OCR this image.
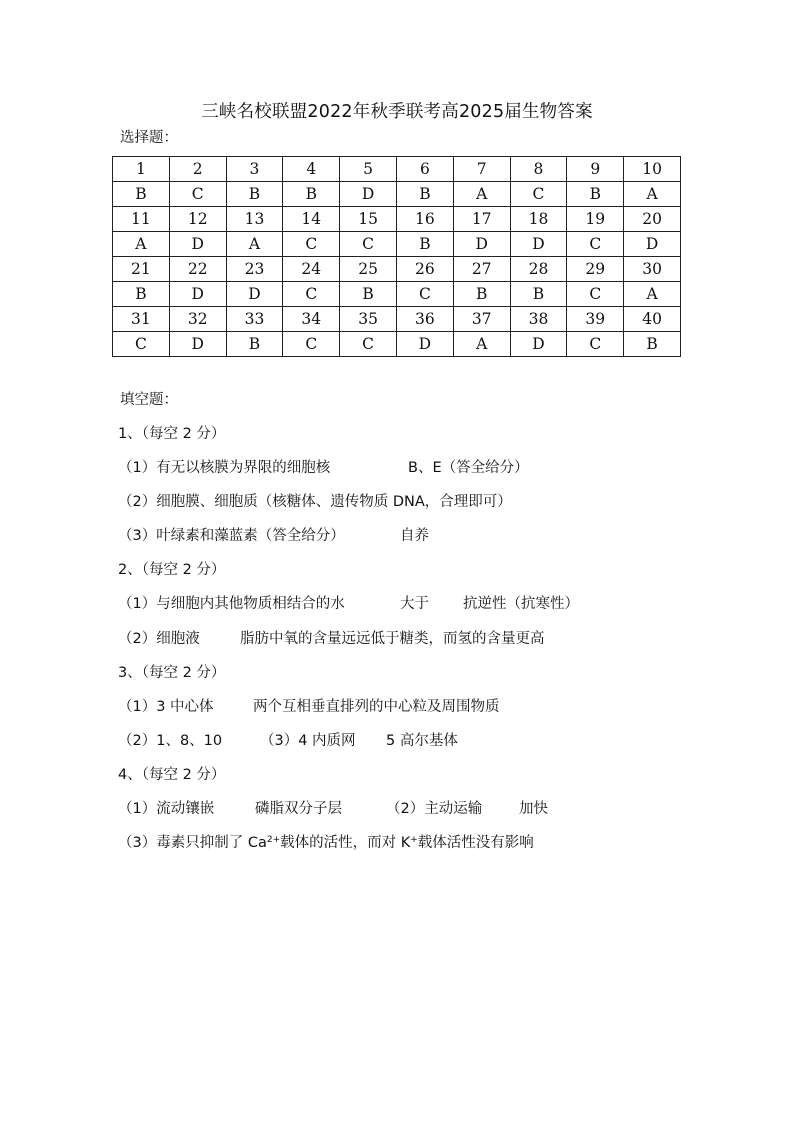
三峡名校联盟2022年秋季联考高2025届生物答案
选择题：
1	2	3	4	5	6	7	8	9	10
B	C	B	B	D	B	A	C	B	A
11	12	13	14	15	16	17	18	19	20
A	D	A	C	C	B	D	D	C	D
21	22	23	24	25	26	27	28	29	30
B	D	D	C	B	C	B	B	C	A
31	32	33	34	35	36	37	38	39	40
C	D	B	C	C	D	A	D	C	B
填空题：
1、（每空 2 分）
（1）有无以核膜为界限的细胞核	B、E（答全给分）
（2）细胞膜、细胞质（核糖体、遗传物质 DNA，合理即可）
（3）叶绿素和藻蓝素（答全给分）	自养
2、（每空 2 分）
（1）与细胞内其他物质相结合的水	大于 抗逆性（抗寒性）
（2）细胞液	脂肪中氧的含量远远低于糖类，而氢的含量更高
3、（每空 2 分）
（1）3 中心体	两个互相垂直排列的中心粒及周围物质
（2）1、8、10	（3）4 内质网 5 高尔基体
4、（每空 2 分）
（1）流动镶嵌	磷脂双分子层	（2）主动运输	加快
（3）毒素只抑制了 $Ca^{2+}$载体的活性，而对 K+载体活性没有影响
